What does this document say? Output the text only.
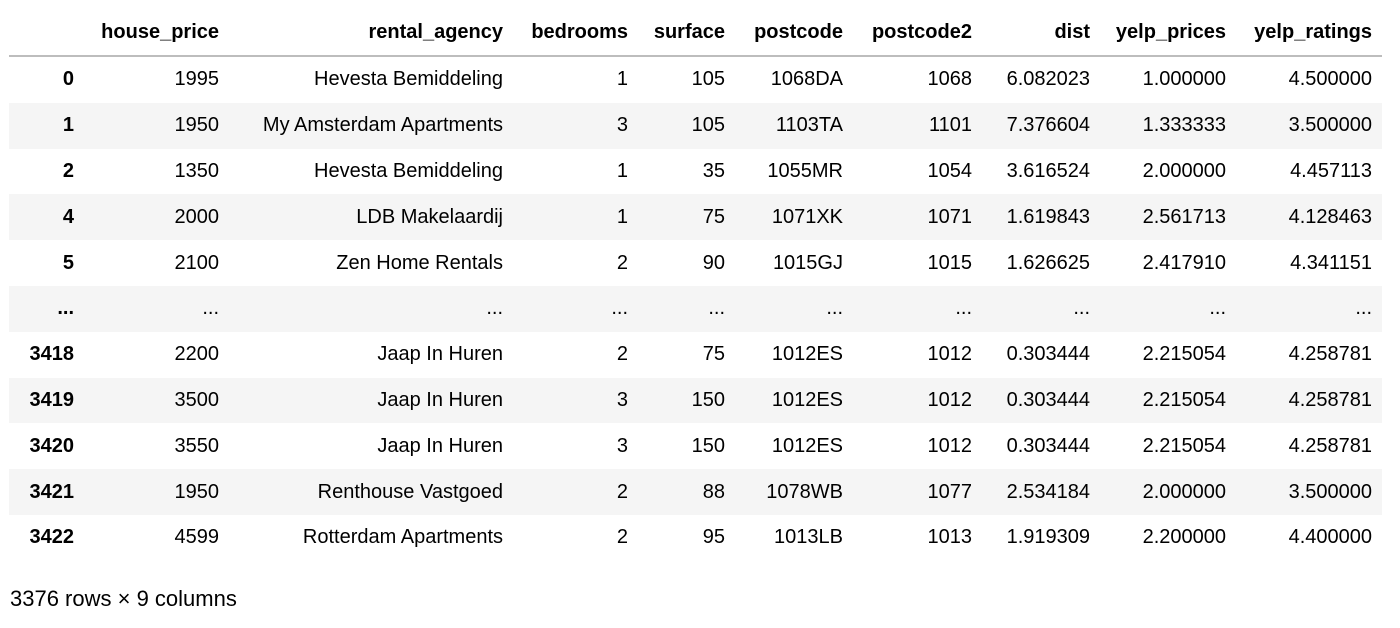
	house_price	rental_agency	bedrooms	surface	postcode	postcode2	dist	yelp_prices	yelp_ratings
0	1995	Hevesta Bemiddeling	1	105	1068DA	1068	6.082023	1.000000	4.500000
1	1950	My Amsterdam Apartments	3	105	1103TA	1101	7.376604	1.333333	3.500000
2	1350	Hevesta Bemiddeling	1	35	1055MR	1054	3.616524	2.000000	4.457113
4	2000	LDB Makelaardij	1	75	1071XK	1071	1.619843	2.561713	4.128463
5	2100	Zen Home Rentals	2	90	1015GJ	1015	1.626625	2.417910	4.341151
...	...	...	...	...	...	...	...	...	...
3418	2200	Jaap In Huren	2	75	1012ES	1012	0.303444	2.215054	4.258781
3419	3500	Jaap In Huren	3	150	1012ES	1012	0.303444	2.215054	4.258781
3420	3550	Jaap In Huren	3	150	1012ES	1012	0.303444	2.215054	4.258781
3421	1950	Renthouse Vastgoed	2	88	1078WB	1077	2.534184	2.000000	3.500000
3422	4599	Rotterdam Apartments	2	95	1013LB	1013	1.919309	2.200000	4.400000
3376 rows × 9 columns
